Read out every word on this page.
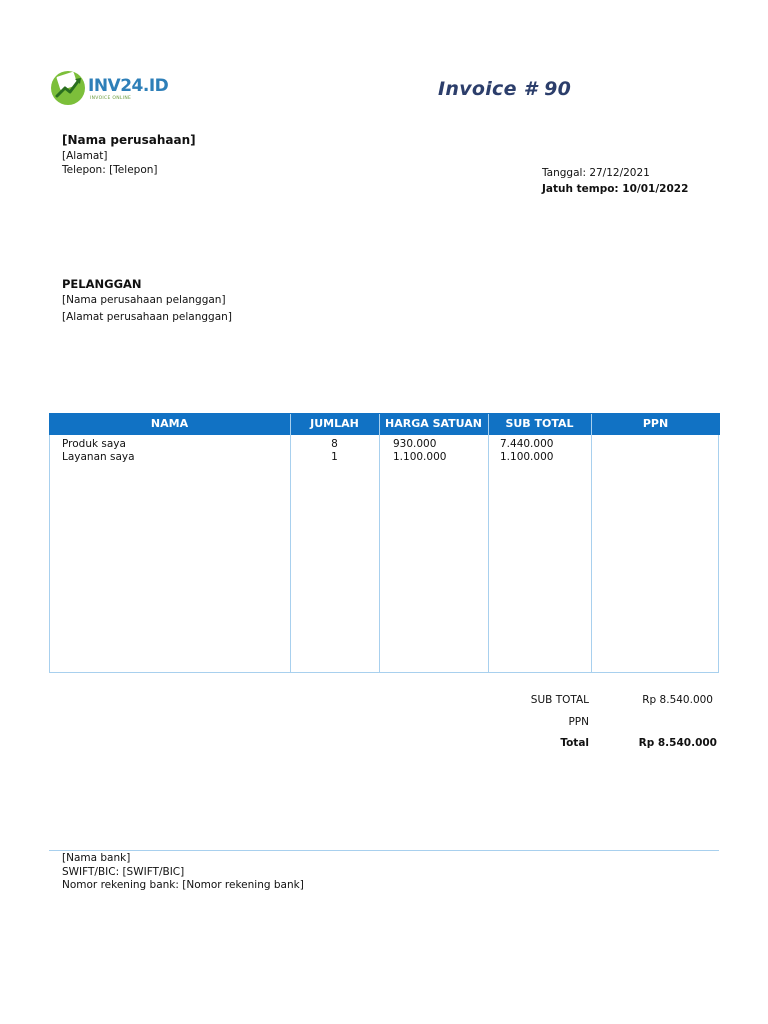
INV24.ID
INVOICE ONLINE	Invoice # 90
[Nama perusahaan]
[Alamat]
Telepon: [Telepon]	Tanggal: 27/12/2021
Jatuh tempo: 10/01/2022
PELANGGAN
[Nama perusahaan pelanggan]
[Alamat perusahaan pelanggan]
NAMA	JUMLAH	HARGA SATUAN	SUB TOTAL	PPN
Produk saya	8	930.000	7.440.000
Layanan saya	1	1.100.000	1.100.000
SUB TOTAL	Rp 8.540.000
PPN
Total	Rp 8.540.000
[Nama bank]
SWIFT/BIC: [SWIFT/BIC]
Nomor rekening bank: [Nomor rekening bank]
